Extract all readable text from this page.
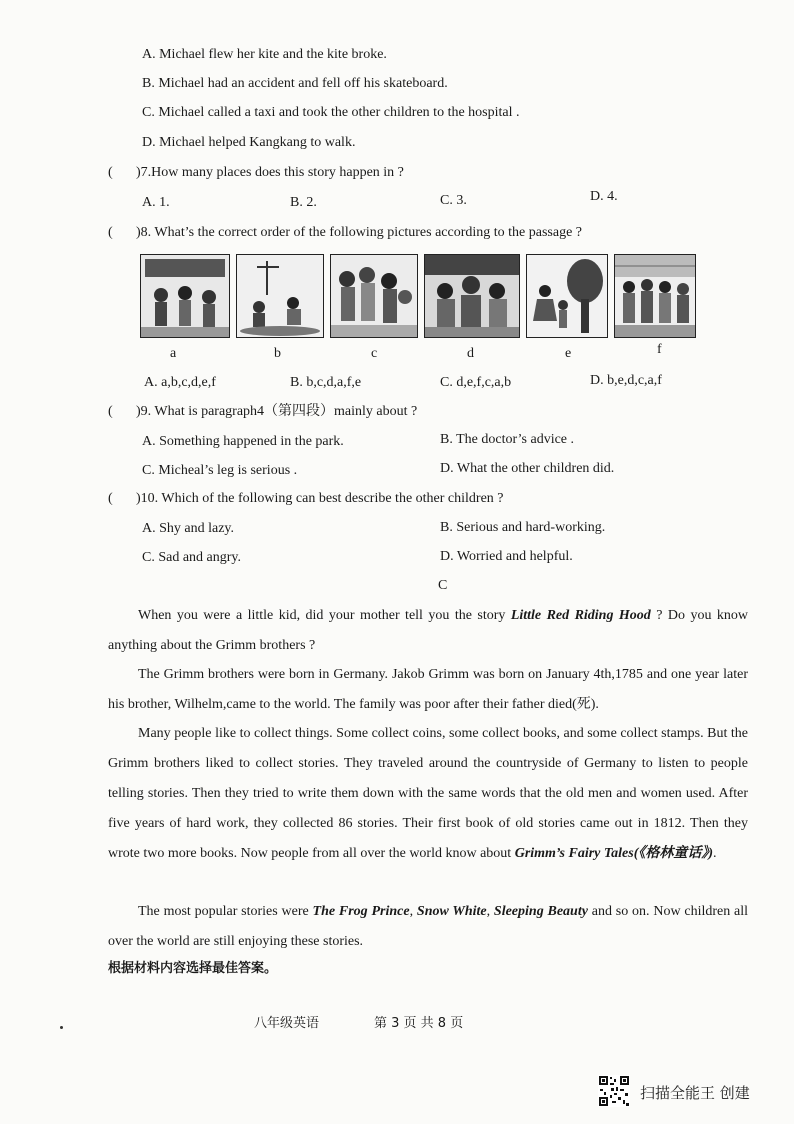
A. Michael flew her kite and the kite broke.
B. Michael had an accident and fell off his skateboard.
C. Michael called a taxi and took the other children to the hospital .
D. Michael helped Kangkang to walk.
( )7.How many places does this story happen in ?
A. 1.	B. 2.	C. 3.	D. 4.
( )8. What’s the correct order of the following pictures according to the passage ?
a	b	c	d	e	f
A. a,b,c,d,e,f	B. b,c,d,a,f,e	C. d,e,f,c,a,b	D. b,e,d,c,a,f
( )9. What is paragraph4（第四段）mainly about ?
A. Something happened in the park.	B. The doctor’s advice .
C. Micheal’s leg is serious .	D. What the other children did.
( )10. Which of the following can best describe the other children ?
A. Shy and lazy.	B. Serious and hard-working.
C. Sad and angry.	D. Worried and helpful.
C
When you were a little kid, did your mother tell you the story Little Red Riding Hood ? Do you know anything about the Grimm brothers ?
The Grimm brothers were born in Germany. Jakob Grimm was born on January 4th,1785 and one year later his brother, Wilhelm,came to the world. The family was poor after their father died(死).
Many people like to collect things. Some collect coins, some collect books, and some collect stamps. But the Grimm brothers liked to collect stories. They traveled around the countryside of Germany to listen to people telling stories. Then they tried to write them down with the same words that the old men and women used. After five years of hard work, they collected 86 stories. Their first book of old stories came out in 1812. Then they wrote two more books. Now people from all over the world know about Grimm’s Fairy Tales(《格林童话》).
The most popular stories were The Frog Prince, Snow White, Sleeping Beauty and so on. Now children all over the world are still enjoying these stories.
根据材料内容选择最佳答案。
八年级英语	第 3 页 共 8 页
扫描全能王 创建
